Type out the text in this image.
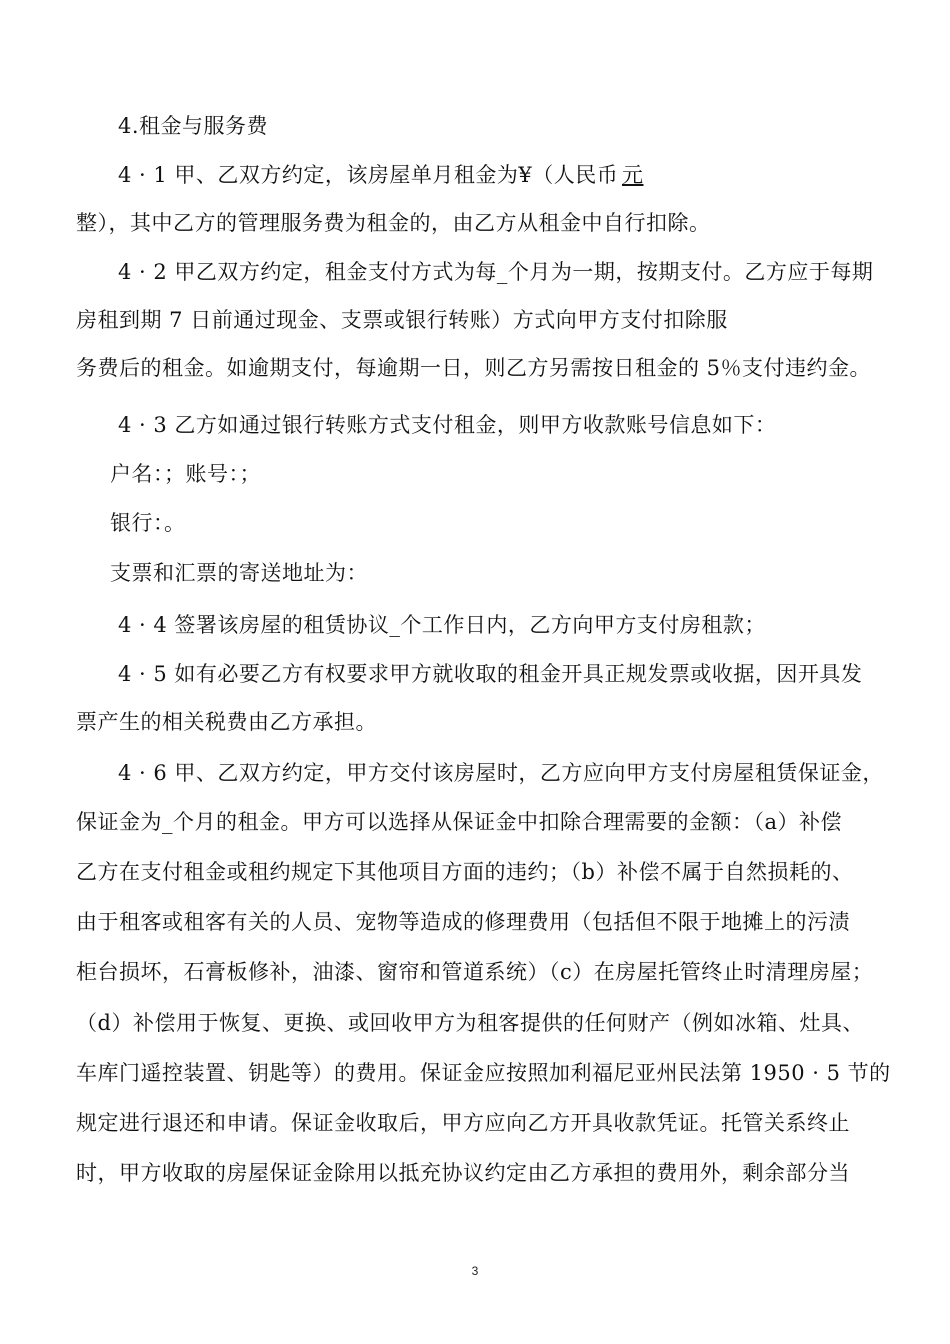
4.租金与服务费
4 · 1 甲、乙双方约定，该房屋单月租金为¥（人民币 元
整），其中乙方的管理服务费为租金的，由乙方从租金中自行扣除。
4 · 2 甲乙双方约定，租金支付方式为每_个月为一期，按期支付。乙方应于每期
房租到期 7 日前通过现金、支票或银行转账）方式向甲方支付扣除服
务费后的租金。如逾期支付，每逾期一日，则乙方另需按日租金的 5％支付违约金。
4 · 3 乙方如通过银行转账方式支付租金，则甲方收款账号信息如下：
户名：；账号：；
银行：。
支票和汇票的寄送地址为：
4 · 4 签署该房屋的租赁协议_个工作日内，乙方向甲方支付房租款；
4 · 5 如有必要乙方有权要求甲方就收取的租金开具正规发票或收据，因开具发
票产生的相关税费由乙方承担。
4 · 6 甲、乙双方约定，甲方交付该房屋时，乙方应向甲方支付房屋租赁保证金，
保证金为_个月的租金。甲方可以选择从保证金中扣除合理需要的金额：（a）补偿
乙方在支付租金或租约规定下其他项目方面的违约；（b）补偿不属于自然损耗的、
由于租客或租客有关的人员、宠物等造成的修理费用（包括但不限于地摊上的污渍
柜台损坏，石膏板修补，油漆、窗帘和管道系统）（c）在房屋托管终止时清理房屋；
（d）补偿用于恢复、更换、或回收甲方为租客提供的任何财产（例如冰箱、灶具、
车库门遥控装置、钥匙等）的费用。保证金应按照加利福尼亚州民法第 1950 · 5 节的
规定进行退还和申请。保证金收取后，甲方应向乙方开具收款凭证。托管关系终止
时，甲方收取的房屋保证金除用以抵充协议约定由乙方承担的费用外，剩余部分当
3
